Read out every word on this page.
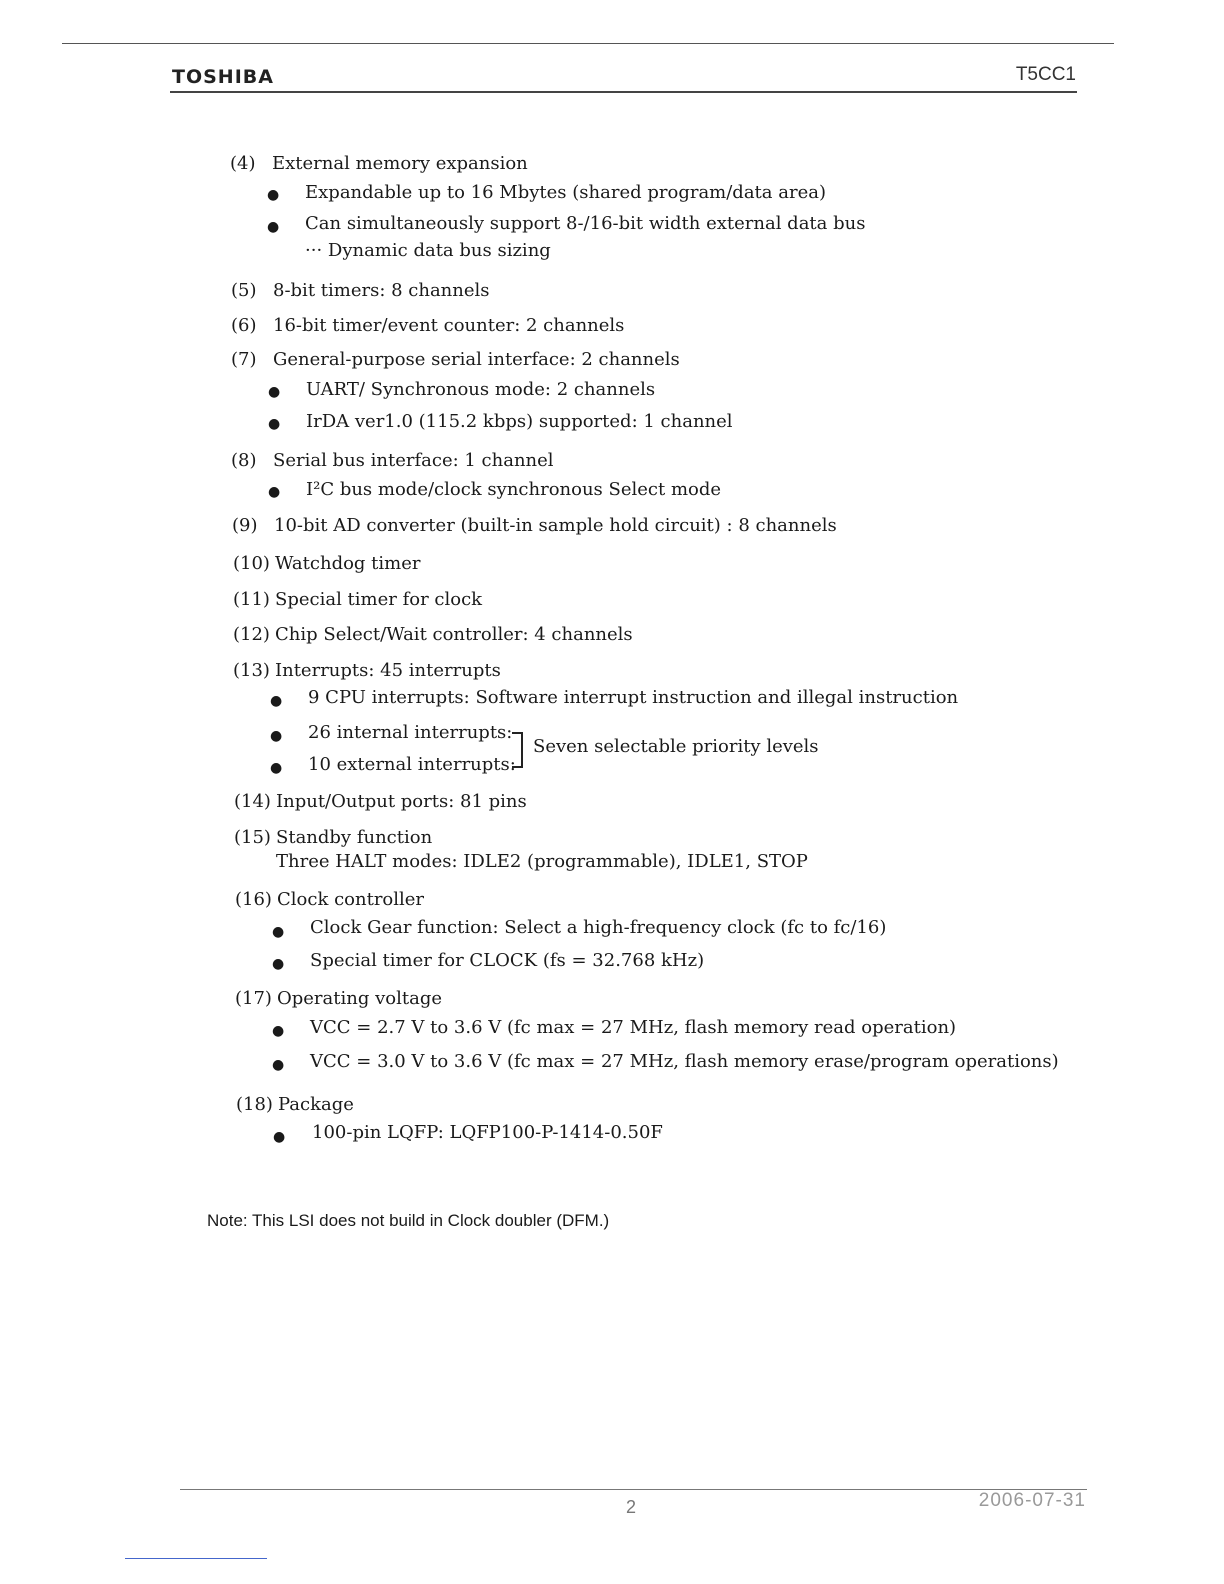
TOSHIBA	T5CC1
(4) External memory expansion
● Expandable up to 16 Mbytes (shared program/data area)
● Can simultaneously support 8-/16-bit width external data bus
··· Dynamic data bus sizing
(5) 8-bit timers: 8 channels
(6) 16-bit timer/event counter: 2 channels
(7) General-purpose serial interface: 2 channels
● UART/ Synchronous mode: 2 channels
● IrDA ver1.0 (115.2 kbps) supported: 1 channel
(8) Serial bus interface: 1 channel
● I²C bus mode/clock synchronous Select mode
(9) 10-bit AD converter (built-in sample hold circuit) : 8 channels
(10) Watchdog timer
(11) Special timer for clock
(12) Chip Select/Wait controller: 4 channels
(13) Interrupts: 45 interrupts
● 9 CPU interrupts: Software interrupt instruction and illegal instruction
● 26 internal interrupts:
● 10 external interrupts:
Seven selectable priority levels
(14) Input/Output ports: 81 pins
(15) Standby function
Three HALT modes: IDLE2 (programmable), IDLE1, STOP
(16) Clock controller
● Clock Gear function: Select a high-frequency clock (fc to fc/16)
● Special timer for CLOCK (fs = 32.768 kHz)
(17) Operating voltage
● VCC = 2.7 V to 3.6 V (fc max = 27 MHz, flash memory read operation)
● VCC = 3.0 V to 3.6 V (fc max = 27 MHz, flash memory erase/program operations)
(18) Package
● 100-pin LQFP: LQFP100-P-1414-0.50F
Note: This LSI does not build in Clock doubler (DFM.)
2	2006-07-31
